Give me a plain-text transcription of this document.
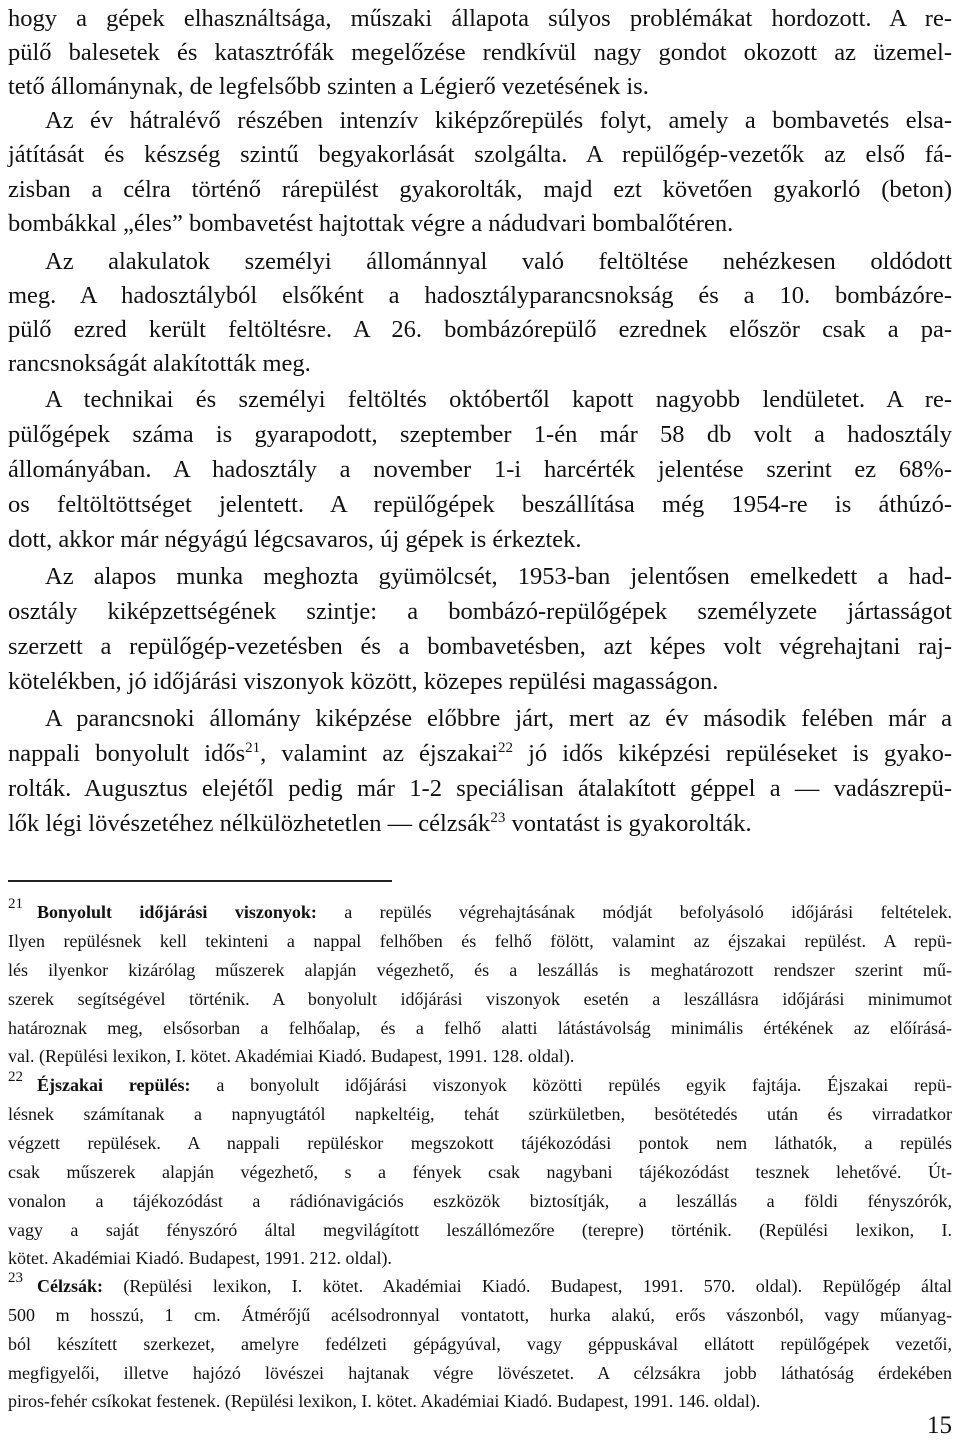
hogy a gépek elhasználtsága, műszaki állapota súlyos problémákat hordozott. A re-
pülő balesetek és katasztrófák megelőzése rendkívül nagy gondot okozott az üzemel-
tető állománynak, de legfelsőbb szinten a Légierő vezetésének is.
Az év hátralévő részében intenzív kiképzőrepülés folyt, amely a bombavetés elsa-
játítását és készség szintű begyakorlását szolgálta. A repülőgép-vezetők az első fá-
zisban a célra történő rárepülést gyakorolták, majd ezt követően gyakorló (beton)
bombákkal „éles” bombavetést hajtottak végre a nádudvari bombalőtéren.
Az alakulatok személyi állománnyal való feltöltése nehézkesen oldódott
meg. A hadosztályból elsőként a hadosztályparancsnokság és a 10. bombázóre-
pülő ezred került feltöltésre. A 26. bombázórepülő ezrednek először csak a pa-
rancsnokságát alakították meg.
A technikai és személyi feltöltés októbertől kapott nagyobb lendületet. A re-
pülőgépek száma is gyarapodott, szeptember 1-én már 58 db volt a hadosztály
állományában. A hadosztály a november 1-i harcérték jelentése szerint ez 68%-
os feltöltöttséget jelentett. A repülőgépek beszállítása még 1954-re is áthúzó-
dott, akkor már négyágú légcsavaros, új gépek is érkeztek.
Az alapos munka meghozta gyümölcsét, 1953-ban jelentősen emelkedett a had-
osztály kiképzettségének szintje: a bombázó-repülőgépek személyzete jártasságot
szerzett a repülőgép-vezetésben és a bombavetésben, azt képes volt végrehajtani raj-
kötelékben, jó időjárási viszonyok között, közepes repülési magasságon.
A parancsnoki állomány kiképzése előbbre járt, mert az év második felében már a
nappali bonyolult idős$^{21}$, valamint az éjszakai$^{22}$ jó idős kiképzési repüléseket is gyako-
rolták. Augusztus elejétől pedig már 1-2 speciálisan átalakított géppel a — vadászrepü-
lők légi lövészetéhez nélkülözhetetlen — célzsák$^{23}$ vontatást is gyakorolták.
21 Bonyolult időjárási viszonyok: a repülés végrehajtásának módját befolyásoló időjárási feltételek.
Ilyen repülésnek kell tekinteni a nappal felhőben és felhő fölött, valamint az éjszakai repülést. A repü-
lés ilyenkor kizárólag műszerek alapján végezhető, és a leszállás is meghatározott rendszer szerint mű-
szerek segítségével történik. A bonyolult időjárási viszonyok esetén a leszállásra időjárási minimumot
határoznak meg, elsősorban a felhőalap, és a felhő alatti látástávolság minimális értékének az előírásá-
val. (Repülési lexikon, I. kötet. Akadémiai Kiadó. Budapest, 1991. 128. oldal).
22 Éjszakai repülés: a bonyolult időjárási viszonyok közötti repülés egyik fajtája. Éjszakai repü-
lésnek számítanak a napnyugtától napkeltéig, tehát szürkületben, besötétedés után és virradatkor
végzett repülések. A nappali repüléskor megszokott tájékozódási pontok nem láthatók, a repülés
csak műszerek alapján végezhető, s a fények csak nagybani tájékozódást tesznek lehetővé. Út-
vonalon a tájékozódást a rádiónavigációs eszközök biztosítják, a leszállás a földi fényszórók,
vagy a saját fényszóró által megvilágított leszállómezőre (terepre) történik. (Repülési lexikon, I.
kötet. Akadémiai Kiadó. Budapest, 1991. 212. oldal).
23 Célzsák: (Repülési lexikon, I. kötet. Akadémiai Kiadó. Budapest, 1991. 570. oldal). Repülőgép által
500 m hosszú, 1 cm. Átmérőjű acélsodronnyal vontatott, hurka alakú, erős vászonból, vagy műanyag-
ból készített szerkezet, amelyre fedélzeti gépágyúval, vagy géppuskával ellátott repülőgépek vezetői,
megfigyelői, illetve hajózó lövészei hajtanak végre lövészetet. A célzsákra jobb láthatóság érdekében
piros-fehér csíkokat festenek. (Repülési lexikon, I. kötet. Akadémiai Kiadó. Budapest, 1991. 146. oldal).
15
